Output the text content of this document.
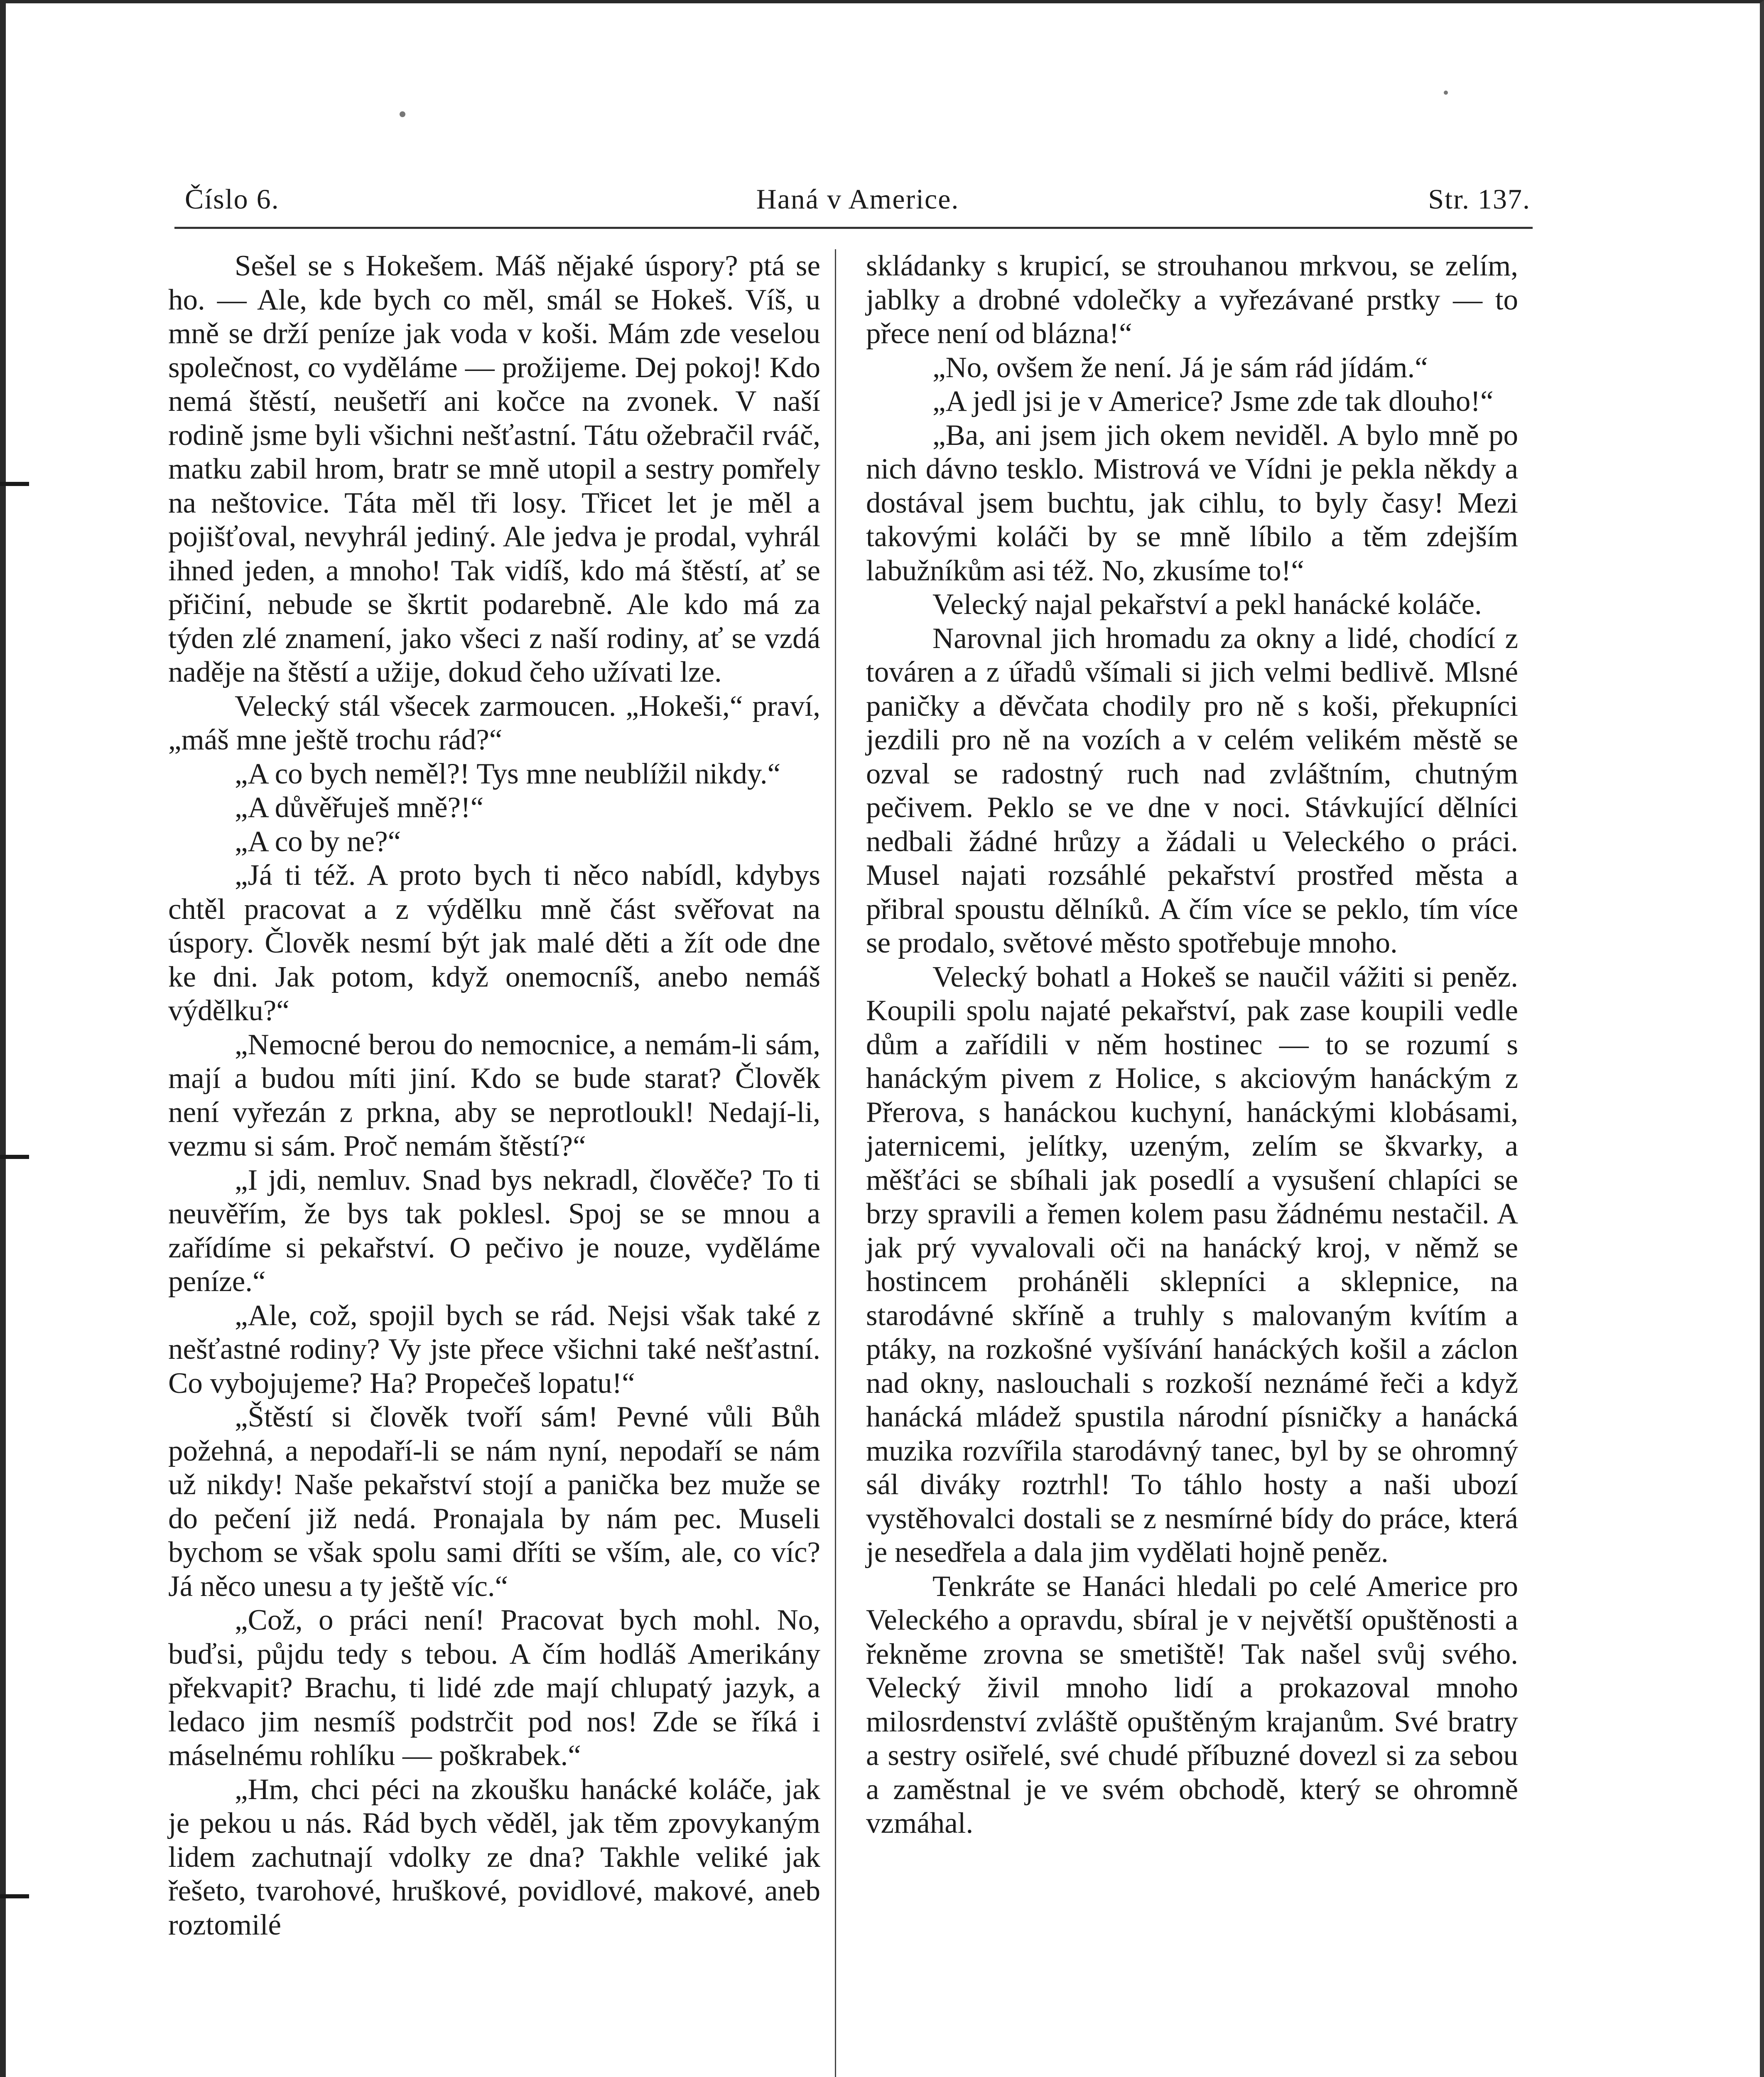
Číslo 6.	Haná v Americe.	Str. 137.

Sešel se s Hokešem. Máš nějaké úspory? ptá se ho. — Ale, kde bych co měl, smál se Hokeš. Víš, u mně se drží peníze jak voda v koši. Mám zde veselou společnost, co vyděláme — prožijeme. Dej pokoj! Kdo nemá štěstí, neušetří ani kočce na zvonek. V naší rodině jsme byli všichni nešťastní. Tátu ožebračil rváč, matku zabil hrom, bratr se mně utopil a sestry pomřely na neštovice. Táta měl tři losy. Třicet let je měl a pojišťoval, nevyhrál jediný. Ale jedva je prodal, vyhrál ihned jeden, a mnoho! Tak vidíš, kdo má štěstí, ať se přičiní, nebude se škrtit podarebně. Ale kdo má za týden zlé znamení, jako všeci z naší rodiny, ať se vzdá naděje na štěstí a užije, dokud čeho užívati lze.

Velecký stál všecek zarmoucen. „Hokeši,“ praví, „máš mne ještě trochu rád?“

„A co bych neměl?! Tys mne neublížil nikdy.“

„A důvěřuješ mně?!“

„A co by ne?“

„Já ti též. A proto bych ti něco nabídl, kdybys chtěl pracovat a z výdělku mně část svěřovat na úspory. Člověk nesmí být jak malé děti a žít ode dne ke dni. Jak potom, když onemocníš, anebo nemáš výdělku?“

„Nemocné berou do nemocnice, a nemám-li sám, mají a budou míti jiní. Kdo se bude starat? Člověk není vyřezán z prkna, aby se neprotloukl! Nedají-li, vezmu si sám. Proč nemám štěstí?“

„I jdi, nemluv. Snad bys nekradl, člověče? To ti neuvěřím, že bys tak poklesl. Spoj se se mnou a zařídíme si pekařství. O pečivo je nouze, vyděláme peníze.“

„Ale, což, spojil bych se rád. Nejsi však také z nešťastné rodiny? Vy jste přece všichni také nešťastní. Co vybojujeme? Ha? Propečeš lopatu!“

„Štěstí si člověk tvoří sám! Pevné vůli Bůh požehná, a nepodaří-li se nám nyní, nepodaří se nám už nikdy! Naše pekařství stojí a panička bez muže se do pečení již nedá. Pronajala by nám pec. Museli bychom se však spolu sami dříti se vším, ale, co víc? Já něco unesu a ty ještě víc.“

„Což, o práci není! Pracovat bych mohl. No, buďsi, půjdu tedy s tebou. A čím hodláš Amerikány překvapit? Brachu, ti lidé zde mají chlupatý jazyk, a ledaco jim nesmíš podstrčit pod nos! Zde se říká i máselnému rohlíku — poškrabek.“

„Hm, chci péci na zkoušku hanácké koláče, jak je pekou u nás. Rád bych věděl, jak těm zpovykaným lidem zachutnají vdolky ze dna? Takhle veliké jak řešeto, tvarohové, hruškové, povidlové, makové, aneb roztomilé

skládanky s krupicí, se strouhanou mrkvou, se zelím, jablky a drobné vdolečky a vyřezávané prstky — to přece není od blázna!“

„No, ovšem že není. Já je sám rád jídám.“

„A jedl jsi je v Americe? Jsme zde tak dlouho!“

„Ba, ani jsem jich okem neviděl. A bylo mně po nich dávno tesklo. Mistrová ve Vídni je pekla někdy a dostával jsem buchtu, jak cihlu, to byly časy! Mezi takovými koláči by se mně líbilo a těm zdejším labužníkům asi též. No, zkusíme to!“

Velecký najal pekařství a pekl hanácké koláče.

Narovnal jich hromadu za okny a lidé, chodící z továren a z úřadů všímali si jich velmi bedlivě. Mlsné paničky a děvčata chodily pro ně s koši, překupníci jezdili pro ně na vozích a v celém velikém městě se ozval se radostný ruch nad zvláštním, chutným pečivem. Peklo se ve dne v noci. Stávkující dělníci nedbali žádné hrůzy a žádali u Veleckého o práci. Musel najati rozsáhlé pekařství prostřed města a přibral spoustu dělníků. A čím více se peklo, tím více se prodalo, světové město spotřebuje mnoho.

Velecký bohatl a Hokeš se naučil vážiti si peněz. Koupili spolu najaté pekařství, pak zase koupili vedle dům a zařídili v něm hostinec — to se rozumí s hanáckým pivem z Holice, s akciovým hanáckým z Přerova, s hanáckou kuchyní, hanáckými klobásami, jaternicemi, jelítky, uzeným, zelím se škvarky, a měšťáci se sbíhali jak posedlí a vysušení chlapíci se brzy spravili a řemen kolem pasu žádnému nestačil. A jak prý vyvalovali oči na hanácký kroj, v němž se hostincem proháněli sklepníci a sklepnice, na starodávné skříně a truhly s malovaným kvítím a ptáky, na rozkošné vyšívání hanáckých košil a záclon nad okny, naslouchali s rozkoší neznámé řeči a když hanácká mládež spustila národní písničky a hanácká muzika rozvířila starodávný tanec, byl by se ohromný sál diváky roztrhl! To táhlo hosty a naši ubozí vystěhovalci dostali se z nesmírné bídy do práce, která je nesedřela a dala jim vydělati hojně peněz.

Tenkráte se Hanáci hledali po celé Americe pro Veleckého a opravdu, sbíral je v největší opuštěnosti a řekněme zrovna se smetiště! Tak našel svůj svého. Velecký živil mnoho lidí a prokazoval mnoho milosrdenství zvláště opuštěným krajanům. Své bratry a sestry osiřelé, své chudé příbuzné dovezl si za sebou a zaměstnal je ve svém obchodě, který se ohromně vzmáhal.
